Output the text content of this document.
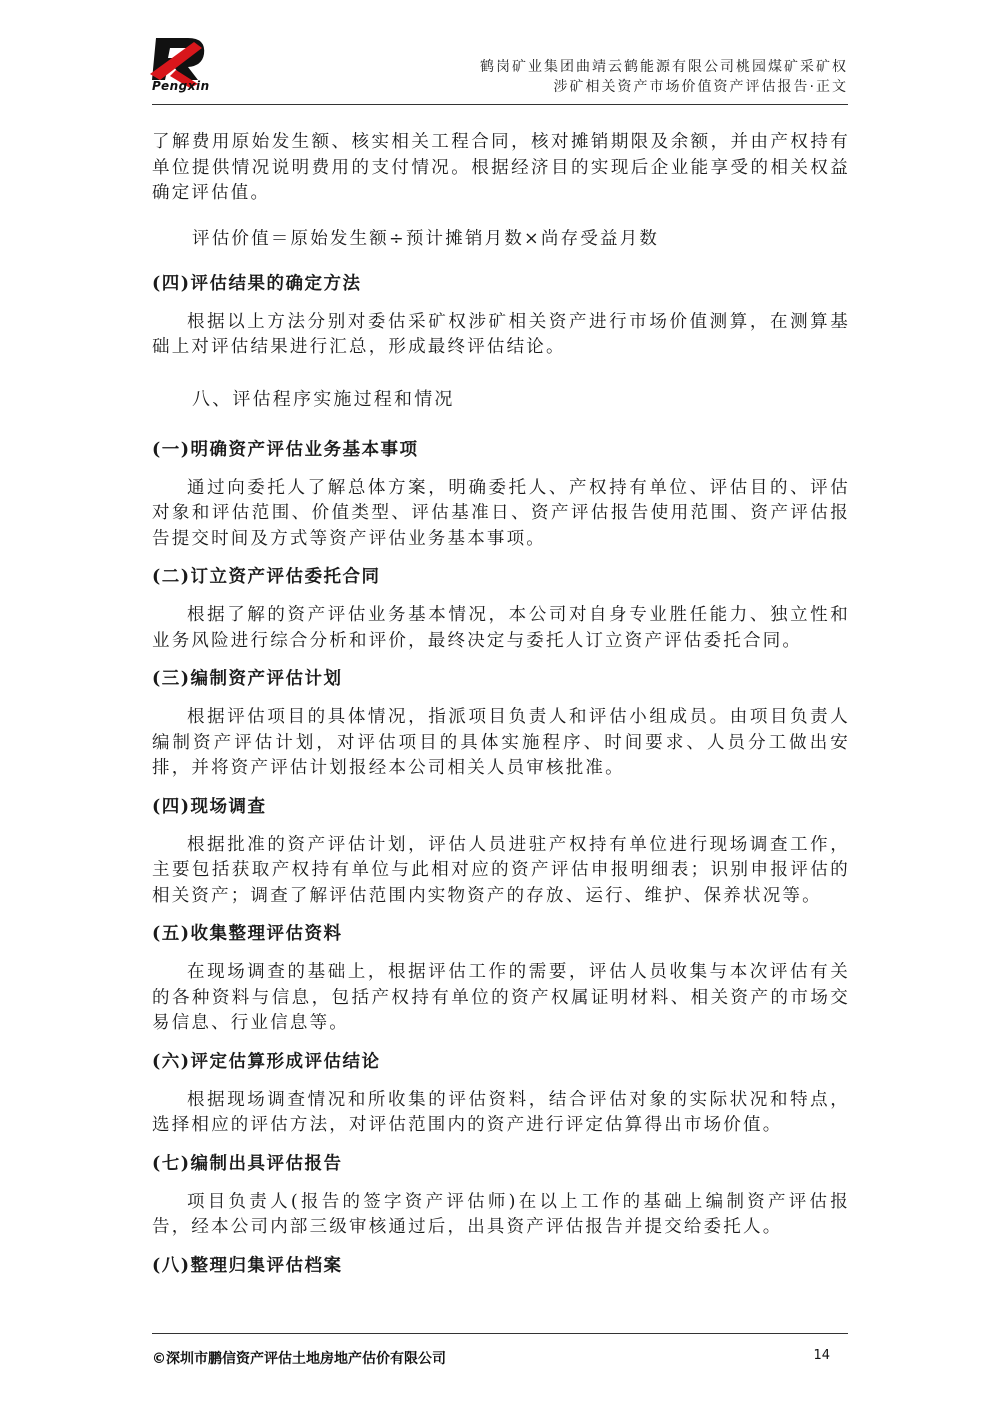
Pengxin
鹤岗矿业集团曲靖云鹤能源有限公司桃园煤矿采矿权
涉矿相关资产市场价值资产评估报告·正文

了解费用原始发生额、核实相关工程合同，核对摊销期限及余额，并由产权持有单位提供情况说明费用的支付情况。根据经济目的实现后企业能享受的相关权益确定评估值。

评估价值＝原始发生额÷预计摊销月数×尚存受益月数

(四)评估结果的确定方法

根据以上方法分别对委估采矿权涉矿相关资产进行市场价值测算，在测算基础上对评估结果进行汇总，形成最终评估结论。

八、评估程序实施过程和情况

(一)明确资产评估业务基本事项

通过向委托人了解总体方案，明确委托人、产权持有单位、评估目的、评估对象和评估范围、价值类型、评估基准日、资产评估报告使用范围、资产评估报告提交时间及方式等资产评估业务基本事项。

(二)订立资产评估委托合同

根据了解的资产评估业务基本情况，本公司对自身专业胜任能力、独立性和业务风险进行综合分析和评价，最终决定与委托人订立资产评估委托合同。

(三)编制资产评估计划

根据评估项目的具体情况，指派项目负责人和评估小组成员。由项目负责人编制资产评估计划，对评估项目的具体实施程序、时间要求、人员分工做出安排，并将资产评估计划报经本公司相关人员审核批准。

(四)现场调查

根据批准的资产评估计划，评估人员进驻产权持有单位进行现场调查工作，主要包括获取产权持有单位与此相对应的资产评估申报明细表；识别申报评估的相关资产；调查了解评估范围内实物资产的存放、运行、维护、保养状况等。

(五)收集整理评估资料

在现场调查的基础上，根据评估工作的需要，评估人员收集与本次评估有关的各种资料与信息，包括产权持有单位的资产权属证明材料、相关资产的市场交易信息、行业信息等。

(六)评定估算形成评估结论

根据现场调查情况和所收集的评估资料，结合评估对象的实际状况和特点，选择相应的评估方法，对评估范围内的资产进行评定估算得出市场价值。

(七)编制出具评估报告

项目负责人(报告的签字资产评估师)在以上工作的基础上编制资产评估报告，经本公司内部三级审核通过后，出具资产评估报告并提交给委托人。

(八)整理归集评估档案

©深圳市鹏信资产评估土地房地产估价有限公司	14
